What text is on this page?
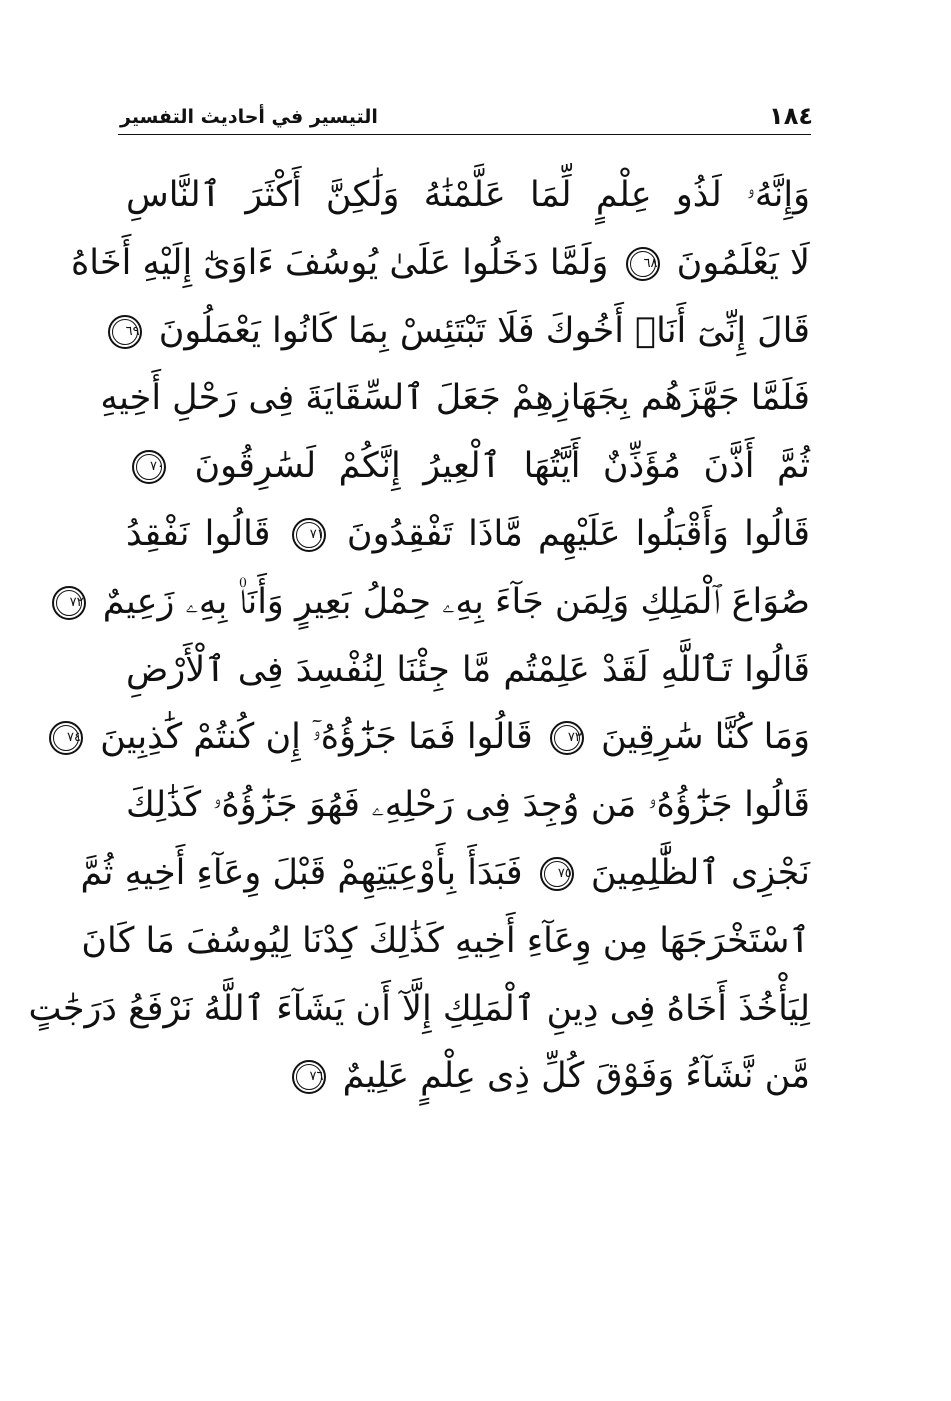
١٨٤
التيسير في أحاديث التفسير
وَإِنَّهُۥ لَذُو عِلْمٍ لِّمَا عَلَّمْنَٰهُ وَلَٰكِنَّ أَكْثَرَ ٱلنَّاسِ
لَا يَعْلَمُونَ ٦٨ وَلَمَّا دَخَلُوا عَلَىٰ يُوسُفَ ءَاوَىٰٓ إِلَيْهِ أَخَاهُ
قَالَ إِنِّىٓ أَنَا۠ أَخُوكَ فَلَا تَبْتَئِسْ بِمَا كَانُوا يَعْمَلُونَ ٦٩
فَلَمَّا جَهَّزَهُم بِجَهَازِهِمْ جَعَلَ ٱلسِّقَايَةَ فِى رَحْلِ أَخِيهِ
ثُمَّ أَذَّنَ مُؤَذِّنٌ أَيَّتُهَا ٱلْعِيرُ إِنَّكُمْ لَسَٰرِقُونَ ٧٠
قَالُوا وَأَقْبَلُوا عَلَيْهِم مَّاذَا تَفْقِدُونَ ٧١ قَالُوا نَفْقِدُ
صُوَاعَ ٱلْمَلِكِ وَلِمَن جَآءَ بِهِۦ حِمْلُ بَعِيرٍ وَأَنَا۠ بِهِۦ زَعِيمٌ ٧٢
قَالُوا تَٱللَّهِ لَقَدْ عَلِمْتُم مَّا جِئْنَا لِنُفْسِدَ فِى ٱلْأَرْضِ
وَمَا كُنَّا سَٰرِقِينَ ٧٣ قَالُوا فَمَا جَزَٰٓؤُهُۥٓ إِن كُنتُمْ كَٰذِبِينَ ٧٤
قَالُوا جَزَٰٓؤُهُۥ مَن وُجِدَ فِى رَحْلِهِۦ فَهُوَ جَزَٰٓؤُهُۥ كَذَٰلِكَ
نَجْزِى ٱلظَّٰلِمِينَ ٧٥ فَبَدَأَ بِأَوْعِيَتِهِمْ قَبْلَ وِعَآءِ أَخِيهِ ثُمَّ
ٱسْتَخْرَجَهَا مِن وِعَآءِ أَخِيهِ كَذَٰلِكَ كِدْنَا لِيُوسُفَ مَا كَانَ
لِيَأْخُذَ أَخَاهُ فِى دِينِ ٱلْمَلِكِ إِلَّآ أَن يَشَآءَ ٱللَّهُ نَرْفَعُ دَرَجَٰتٍ
مَّن نَّشَآءُ وَفَوْقَ كُلِّ ذِى عِلْمٍ عَلِيمٌ ٧٦
